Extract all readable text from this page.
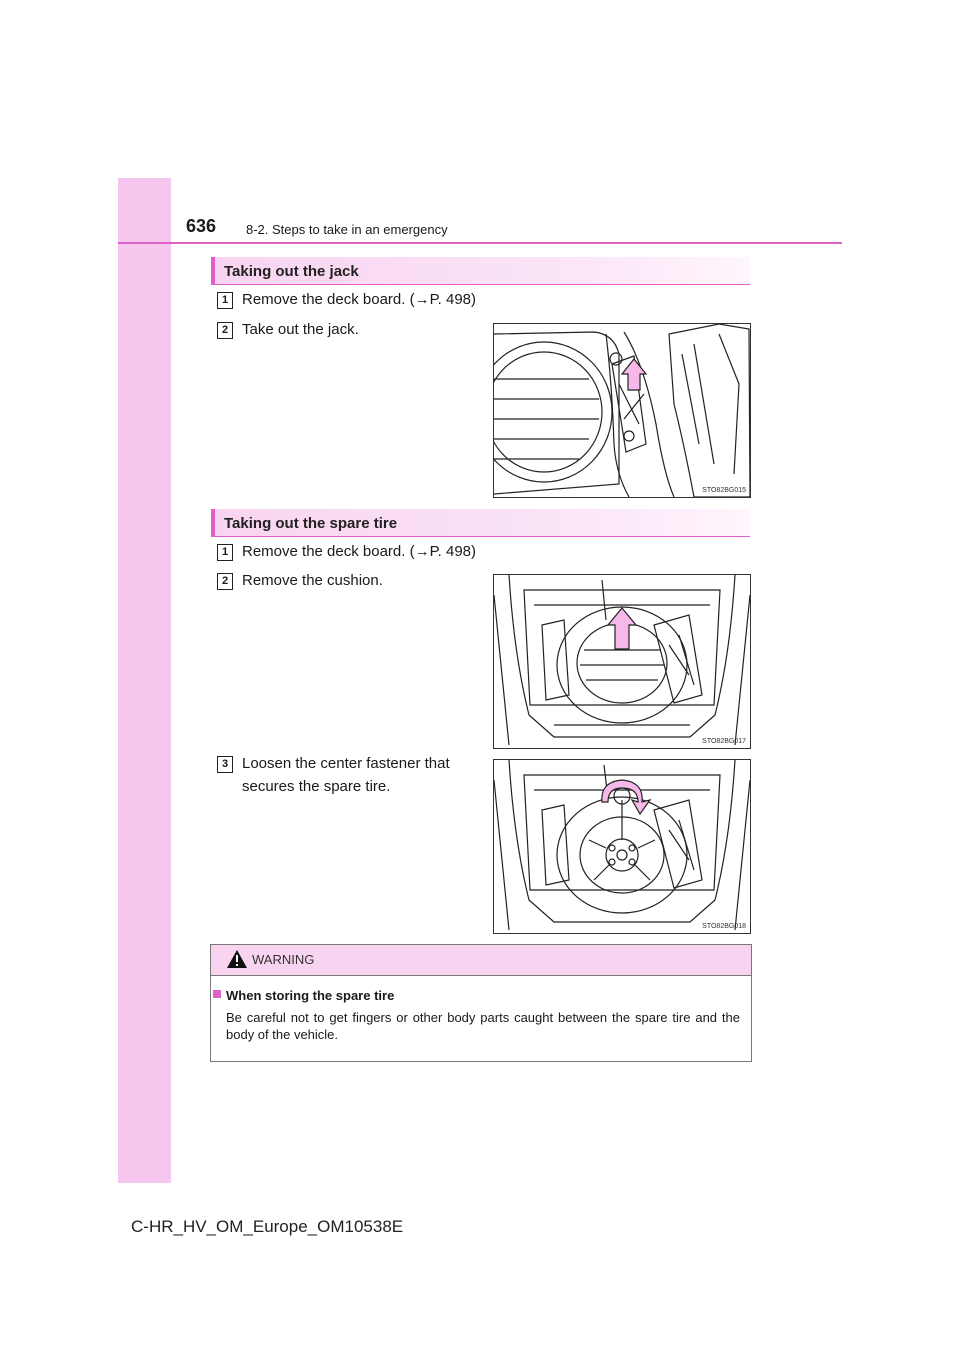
636 8-2. Steps to take in an emergency
Taking out the jack
1 Remove the deck board. (→P. 498)
2 Take out the jack.
STO82BG015
Taking out the spare tire
1 Remove the deck board. (→P. 498)
2 Remove the cushion.
3 Loosen the center fastener that secures the spare tire.
STO82BG017
STO82BG018
WARNING
When storing the spare tire
Be careful not to get fingers or other body parts caught between the spare tire and the body of the vehicle.
C-HR_HV_OM_Europe_OM10538E
